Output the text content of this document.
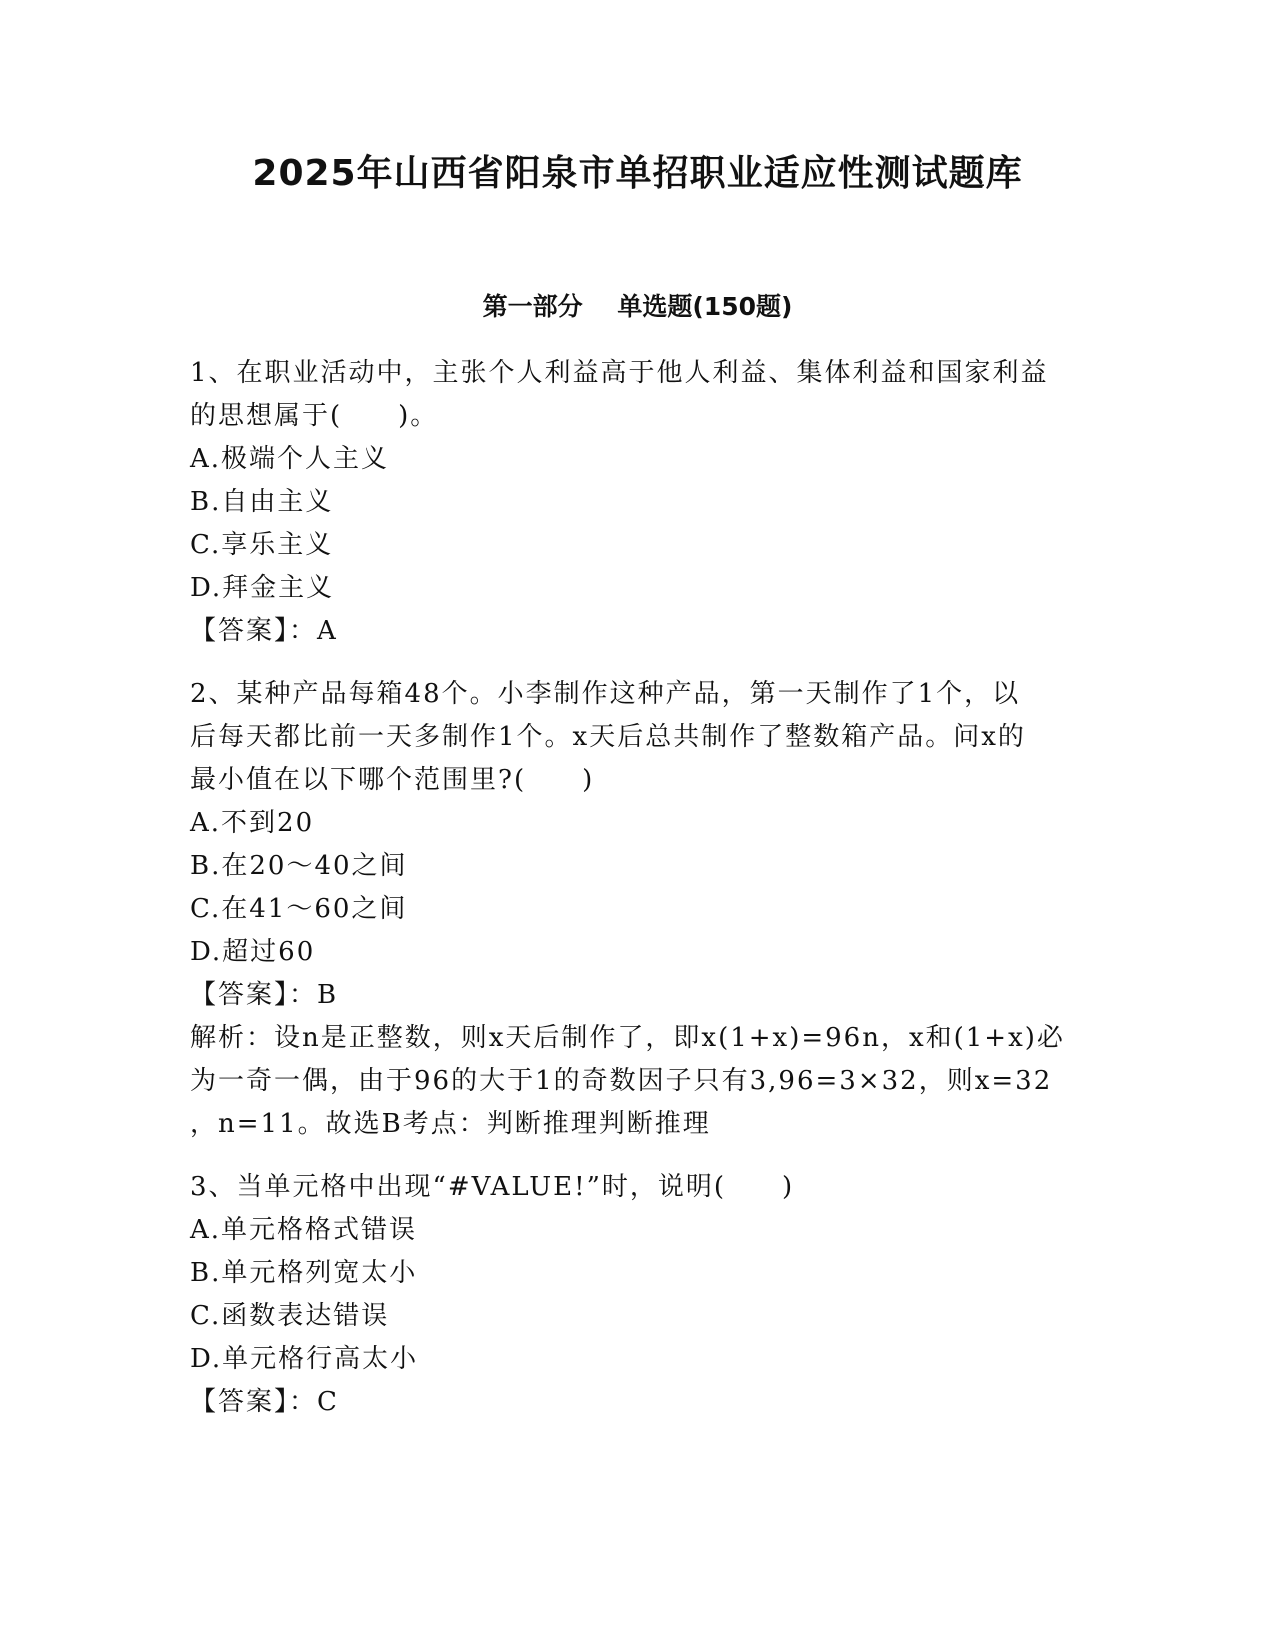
2025年山西省阳泉市单招职业适应性测试题库
第一部分    单选题(150题)
1、在职业活动中，主张个人利益高于他人利益、集体利益和国家利益
的思想属于(　　)。
A.极端个人主义
B.自由主义
C.享乐主义
D.拜金主义
【答案】：A
2、某种产品每箱48个。小李制作这种产品，第一天制作了1个，以
后每天都比前一天多制作1个。x天后总共制作了整数箱产品。问x的
最小值在以下哪个范围里?(　　)
A.不到20
B.在20～40之间
C.在41～60之间
D.超过60
【答案】：B
解析：设n是正整数，则x天后制作了，即x(1+x)=96n，x和(1+x)必
为一奇一偶，由于96的大于1的奇数因子只有3,96=3×32，则x=32
，n=11。故选B考点：判断推理判断推理
3、当单元格中出现“#VALUE!”时，说明(　　)
A.单元格格式错误
B.单元格列宽太小
C.函数表达错误
D.单元格行高太小
【答案】：C
